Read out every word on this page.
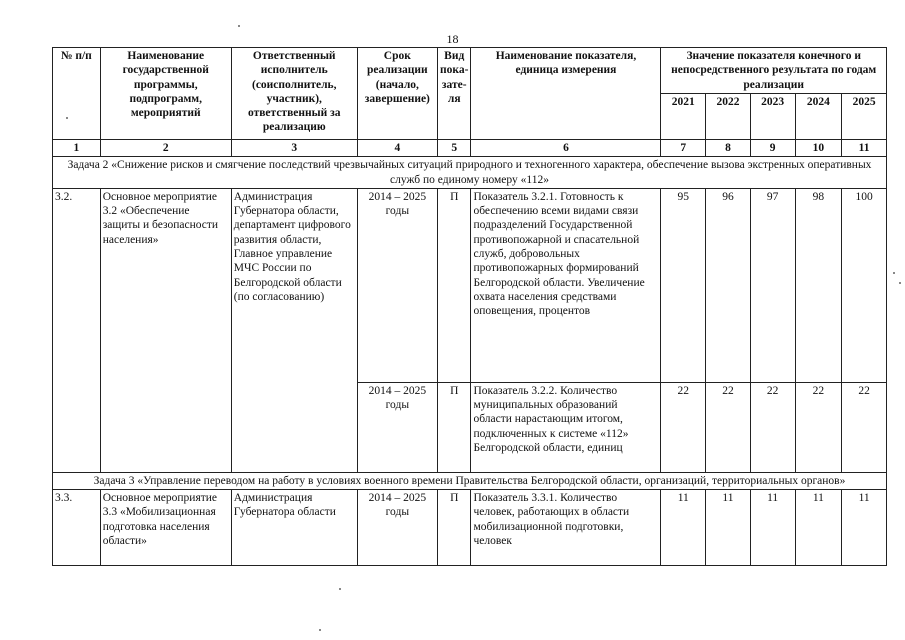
18
№ п/п	Наименование государственной программы, подпрограмм, мероприятий	Ответственный исполнитель (соисполнитель, участник), ответственный за реализацию	Срок реализации (начало, завершение)	Вид пока-зате-ля	Наименование показателя, единица измерения	Значение показателя конечного и непосредственного результата по годам реализации				
						2021	2022	2023	2024	2025
1	2	3	4	5	6	7	8	9	10	11
Задача 2 «Снижение рисков и смягчение последствий чрезвычайных ситуаций природного и техногенного характера, обеспечение вызова экстренных оперативных служб по единому номеру «112»										
3.2.	Основное мероприятие 3.2 «Обеспечение защиты и безопасности населения»	Администрация Губернатора области, департамент цифрового развития области, Главное управление МЧС России по Белгородской области (по согласованию)	2014 – 2025 годы	П	Показатель 3.2.1. Готовность к обеспечению всеми видами связи подразделений Государственной противопожарной и спасательной служб, добровольных противопожарных формирований Белгородской области. Увеличение охвата населения средствами оповещения, процентов	95	96	97	98	100
			2014 – 2025 годы	П	Показатель 3.2.2. Количество муниципальных образований области нарастающим итогом, подключенных к системе «112» Белгородской области, единиц	22	22	22	22	22
Задача 3 «Управление переводом на работу в условиях военного времени Правительства Белгородской области, организаций, территориальных органов»										
3.3.	Основное мероприятие 3.3 «Мобилизационная подготовка населения области»	Администрация Губернатора области	2014 – 2025 годы	П	Показатель 3.3.1. Количество человек, работающих в области мобилизационной подготовки, человек	11	11	11	11	11
